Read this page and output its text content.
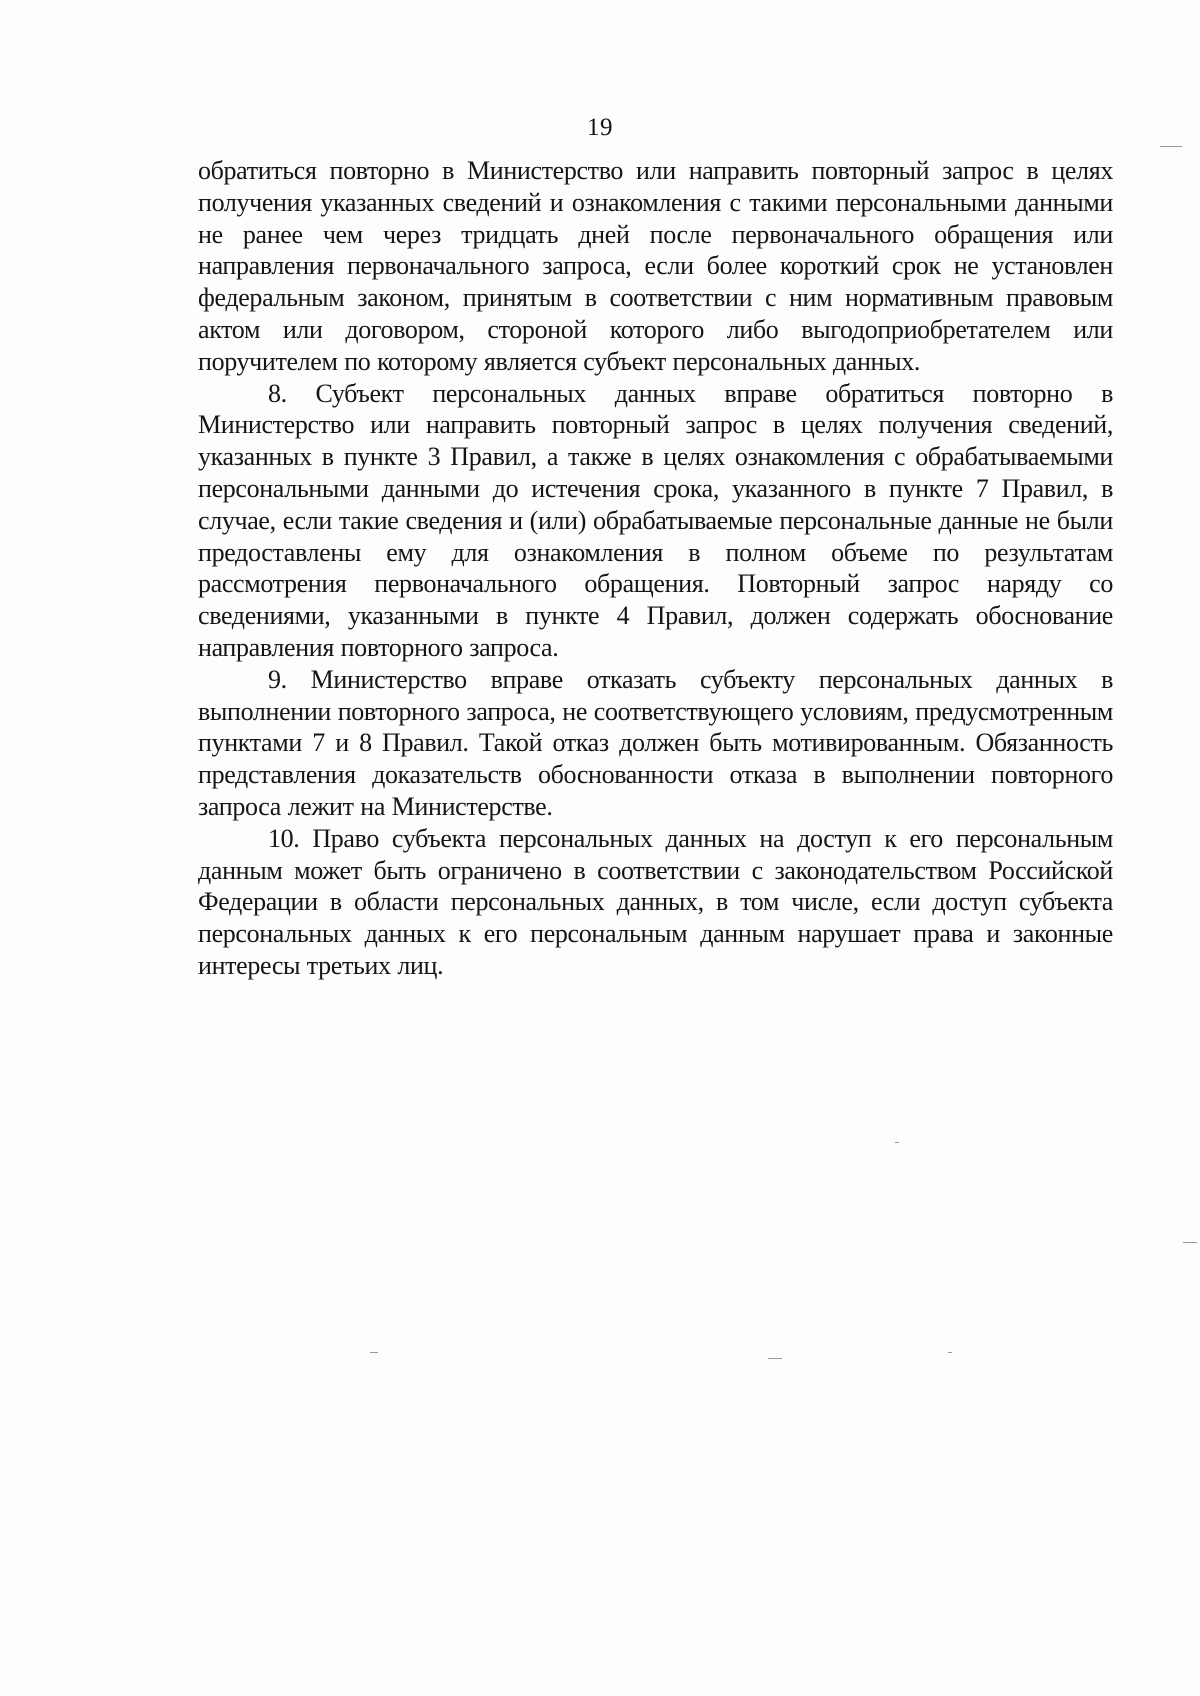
19

обратиться повторно в Министерство или направить повторный запрос в целях получения указанных сведений и ознакомления с такими персональными данными не ранее чем через тридцать дней после первоначального обращения или направления первоначального запроса, если более короткий срок не установлен федеральным законом, принятым в соответствии с ним нормативным правовым актом или договором, стороной которого либо выгодоприобретателем или поручителем по которому является субъект персональных данных.

8. Субъект персональных данных вправе обратиться повторно в Министерство или направить повторный запрос в целях получения сведений, указанных в пункте 3 Правил, а также в целях ознакомления с обрабатываемыми персональными данными до истечения срока, указанного в пункте 7 Правил, в случае, если такие сведения и (или) обрабатываемые персональные данные не были предоставлены ему для ознакомления в полном объеме по результатам рассмотрения первоначального обращения. Повторный запрос наряду со сведениями, указанными в пункте 4 Правил, должен содержать обоснование направления повторного запроса.

9. Министерство вправе отказать субъекту персональных данных в выполнении повторного запроса, не соответствующего условиям, предусмотренным пунктами 7 и 8 Правил. Такой отказ должен быть мотивированным. Обязанность представления доказательств обоснованности отказа в выполнении повторного запроса лежит на Министерстве.

10. Право субъекта персональных данных на доступ к его персональным данным может быть ограничено в соответствии с законодательством Российской Федерации в области персональных данных, в том числе, если доступ субъекта персональных данных к его персональным данным нарушает права и законные интересы третьих лиц.
